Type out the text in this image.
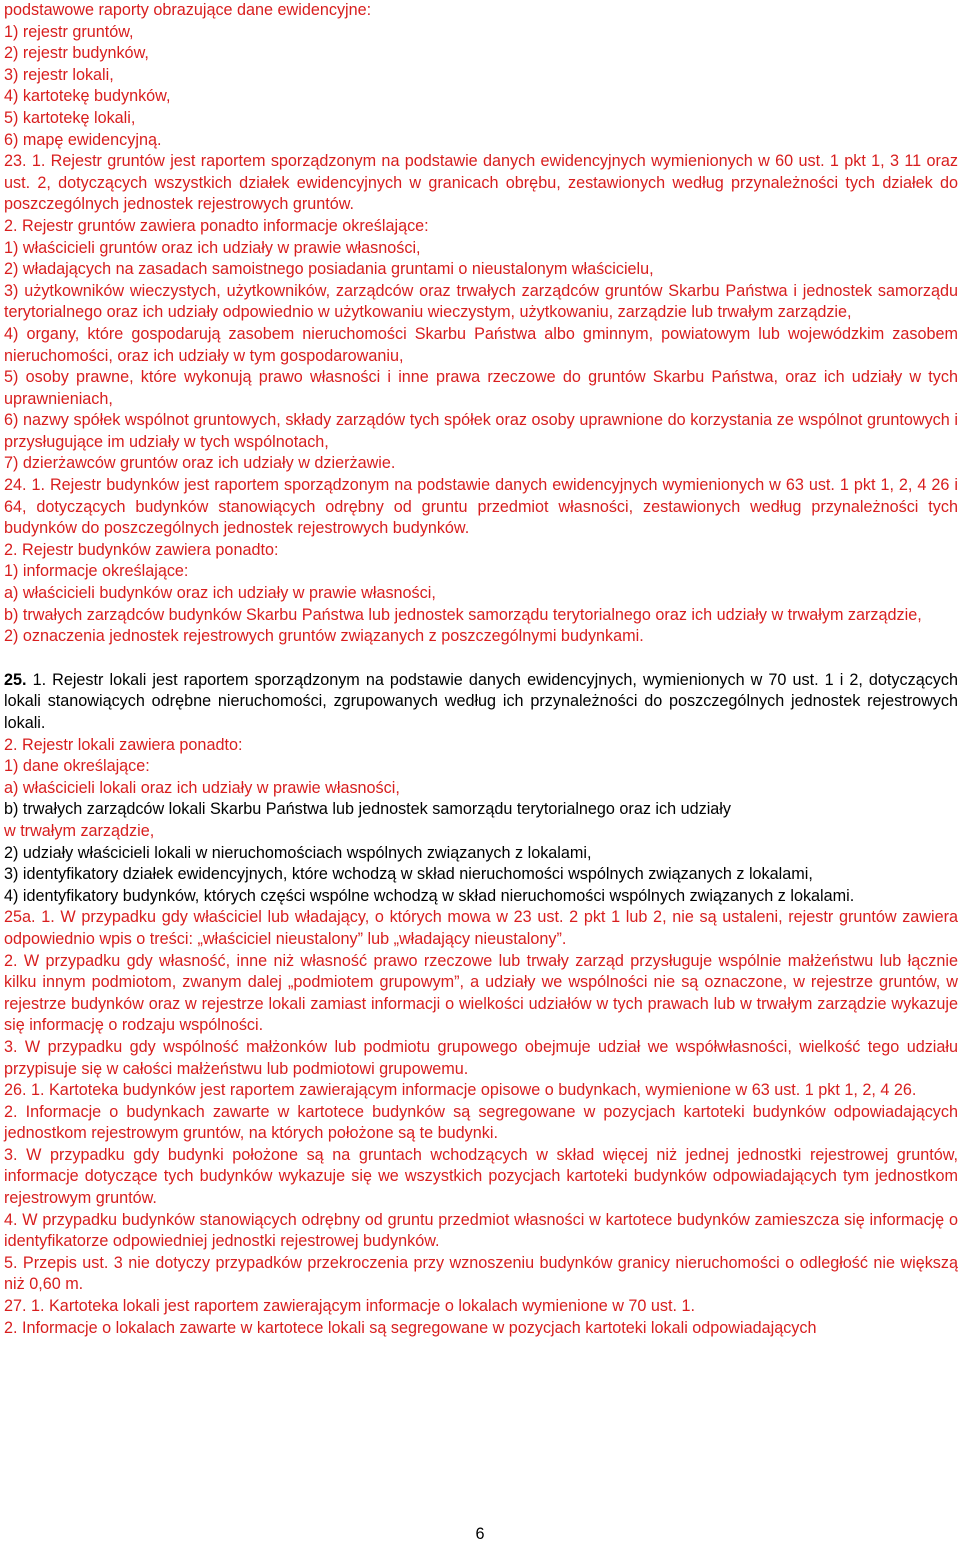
podstawowe raporty obrazujące dane ewidencyjne:

1) rejestr gruntów,

2) rejestr budynków,

3) rejestr lokali,

4) kartotekę budynków,

5) kartotekę lokali,

6) mapę ewidencyjną.

23. 1. Rejestr gruntów jest raportem sporządzonym na podstawie danych ewidencyjnych wymienionych w 60 ust. 1 pkt 1, 3 11 oraz ust. 2, dotyczących wszystkich działek ewidencyjnych w granicach obrębu, zestawionych według przynależności tych działek do poszczególnych jednostek rejestrowych gruntów.

2. Rejestr gruntów zawiera ponadto informacje określające:

1) właścicieli gruntów oraz ich udziały w prawie własności,

2) władających na zasadach samoistnego posiadania gruntami o nieustalonym właścicielu,

3) użytkowników wieczystych, użytkowników, zarządców oraz trwałych zarządców gruntów Skarbu Państwa i jednostek samorządu terytorialnego oraz ich udziały odpowiednio w użytkowaniu wieczystym, użytkowaniu, zarządzie lub trwałym zarządzie,

4) organy, które gospodarują zasobem nieruchomości Skarbu Państwa albo gminnym, powiatowym lub wojewódzkim zasobem nieruchomości, oraz ich udziały w tym gospodarowaniu,

5) osoby prawne, które wykonują prawo własności i inne prawa rzeczowe do gruntów Skarbu Państwa, oraz ich udziały w tych uprawnieniach,

6) nazwy spółek wspólnot gruntowych, składy zarządów tych spółek oraz osoby uprawnione do korzystania ze wspólnot gruntowych i przysługujące im udziały w tych wspólnotach,

7) dzierżawców gruntów oraz ich udziały w dzierżawie.

24. 1. Rejestr budynków jest raportem sporządzonym na podstawie danych ewidencyjnych wymienionych w 63 ust. 1 pkt 1, 2, 4 26 i 64, dotyczących budynków stanowiących odrębny od gruntu przedmiot własności, zestawionych według przynależności tych budynków do poszczególnych jednostek rejestrowych budynków.

2. Rejestr budynków zawiera ponadto:

1) informacje określające:

a) właścicieli budynków oraz ich udziały w prawie własności,

b) trwałych zarządców budynków Skarbu Państwa lub jednostek samorządu terytorialnego oraz ich udziały w trwałym zarządzie,

2) oznaczenia jednostek rejestrowych gruntów związanych z poszczególnymi budynkami.

25. 1. Rejestr lokali jest raportem sporządzonym na podstawie danych ewidencyjnych, wymienionych w 70 ust. 1 i 2, dotyczących lokali stanowiących odrębne nieruchomości, zgrupowanych według ich przynależności do poszczególnych jednostek rejestrowych lokali.

2. Rejestr lokali zawiera ponadto:

1) dane określające:

a) właścicieli lokali oraz ich udziały w prawie własności,

b) trwałych zarządców lokali Skarbu Państwa lub jednostek samorządu terytorialnego oraz ich udziały

w trwałym zarządzie,

2) udziały właścicieli lokali w nieruchomościach wspólnych związanych z lokalami,

3) identyfikatory działek ewidencyjnych, które wchodzą w skład nieruchomości wspólnych związanych z lokalami,

4) identyfikatory budynków, których części wspólne wchodzą w skład nieruchomości wspólnych związanych z lokalami.

25a. 1. W przypadku gdy właściciel lub władający, o których mowa w 23 ust. 2 pkt 1 lub 2, nie są ustaleni, rejestr gruntów zawiera odpowiednio wpis o treści: „właściciel nieustalony” lub „władający nieustalony”.

2. W przypadku gdy własność, inne niż własność prawo rzeczowe lub trwały zarząd przysługuje wspólnie małżeństwu lub łącznie kilku innym podmiotom, zwanym dalej „podmiotem grupowym”, a udziały we wspólności nie są oznaczone, w rejestrze gruntów, w rejestrze budynków oraz w rejestrze lokali zamiast informacji o wielkości udziałów w tych prawach lub w trwałym zarządzie wykazuje się informację o rodzaju wspólności.

3. W przypadku gdy wspólność małżonków lub podmiotu grupowego obejmuje udział we współwłasności, wielkość tego udziału przypisuje się w całości małżeństwu lub podmiotowi grupowemu.

26. 1. Kartoteka budynków jest raportem zawierającym informacje opisowe o budynkach, wymienione w 63 ust. 1 pkt 1, 2, 4 26.

2. Informacje o budynkach zawarte w kartotece budynków są segregowane w pozycjach kartoteki budynków odpowiadających jednostkom rejestrowym gruntów, na których położone są te budynki.

3. W przypadku gdy budynki położone są na gruntach wchodzących w skład więcej niż jednej jednostki rejestrowej gruntów, informacje dotyczące tych budynków wykazuje się we wszystkich pozycjach kartoteki budynków odpowiadających tym jednostkom rejestrowym gruntów.

4. W przypadku budynków stanowiących odrębny od gruntu przedmiot własności w kartotece budynków zamieszcza się informację o identyfikatorze odpowiedniej jednostki rejestrowej budynków.

5. Przepis ust. 3 nie dotyczy przypadków przekroczenia przy wznoszeniu budynków granicy nieruchomości o odległość nie większą niż 0,60 m.

27. 1. Kartoteka lokali jest raportem zawierającym informacje o lokalach wymienione w 70 ust. 1.

2. Informacje o lokalach zawarte w kartotece lokali są segregowane w pozycjach kartoteki lokali odpowiadających

6
